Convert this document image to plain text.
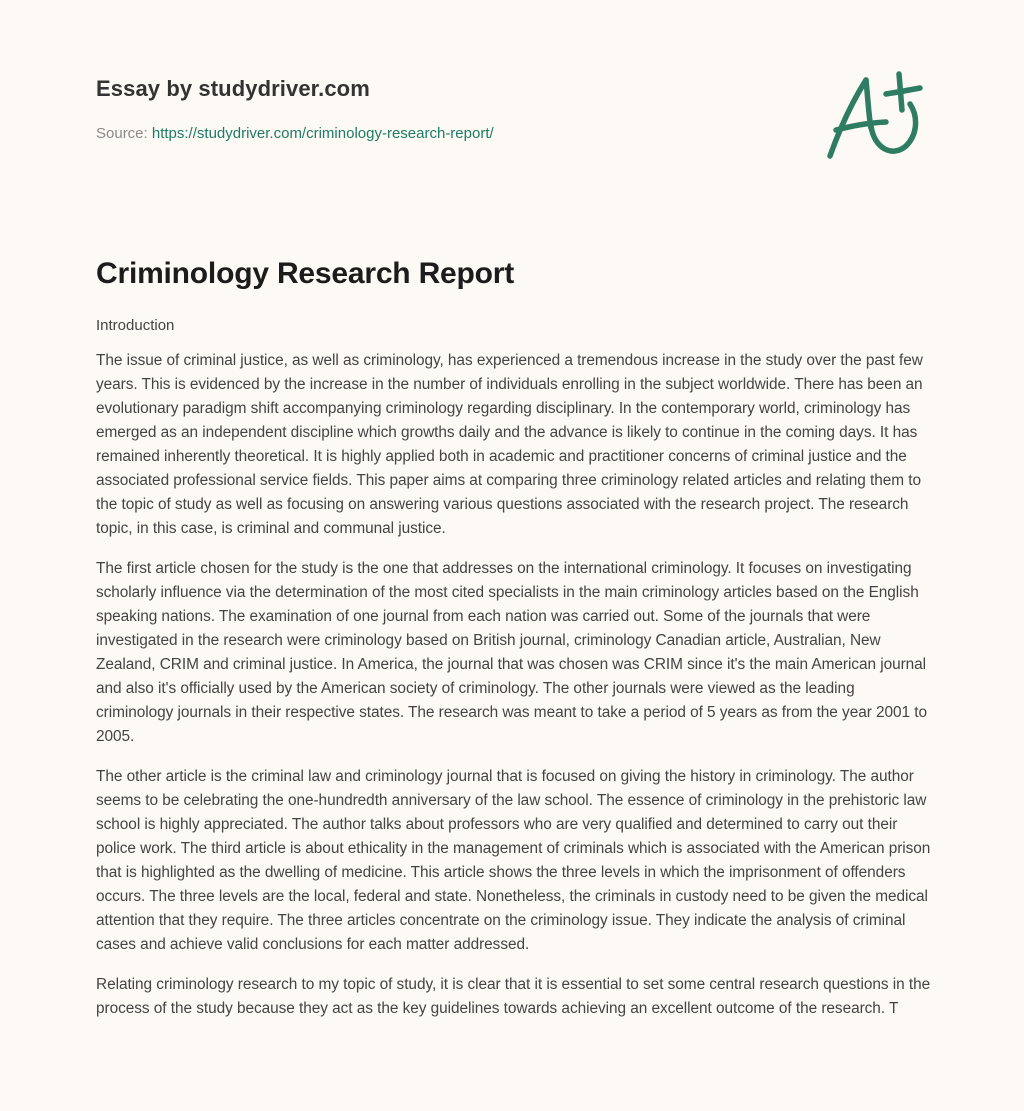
Essay by studydriver.com
Source: https://studydriver.com/criminology-research-report/
Criminology Research Report
Introduction

The issue of criminal justice, as well as criminology, has experienced a tremendous increase in the study over the past few years. This is evidenced by the increase in the number of individuals enrolling in the subject worldwide. There has been an evolutionary paradigm shift accompanying criminology regarding disciplinary. In the contemporary world, criminology has emerged as an independent discipline which growths daily and the advance is likely to continue in the coming days. It has remained inherently theoretical. It is highly applied both in academic and practitioner concerns of criminal justice and the associated professional service fields. This paper aims at comparing three criminology related articles and relating them to the topic of study as well as focusing on answering various questions associated with the research project. The research topic, in this case, is criminal and communal justice.

The first article chosen for the study is the one that addresses on the international criminology. It focuses on investigating scholarly influence via the determination of the most cited specialists in the main criminology articles based on the English speaking nations. The examination of one journal from each nation was carried out. Some of the journals that were investigated in the research were criminology based on British journal, criminology Canadian article, Australian, New Zealand, CRIM and criminal justice. In America, the journal that was chosen was CRIM since it's the main American journal and also it's officially used by the American society of criminology. The other journals were viewed as the leading criminology journals in their respective states. The research was meant to take a period of 5 years as from the year 2001 to 2005.

The other article is the criminal law and criminology journal that is focused on giving the history in criminology. The author seems to be celebrating the one-hundredth anniversary of the law school. The essence of criminology in the prehistoric law school is highly appreciated. The author talks about professors who are very qualified and determined to carry out their police work. The third article is about ethicality in the management of criminals which is associated with the American prison that is highlighted as the dwelling of medicine. This article shows the three levels in which the imprisonment of offenders occurs. The three levels are the local, federal and state. Nonetheless, the criminals in custody need to be given the medical attention that they require. The three articles concentrate on the criminology issue. They indicate the analysis of criminal cases and achieve valid conclusions for each matter addressed.

Relating criminology research to my topic of study, it is clear that it is essential to set some central research questions in the process of the study because they act as the key guidelines towards achieving an excellent outcome of the research. T
